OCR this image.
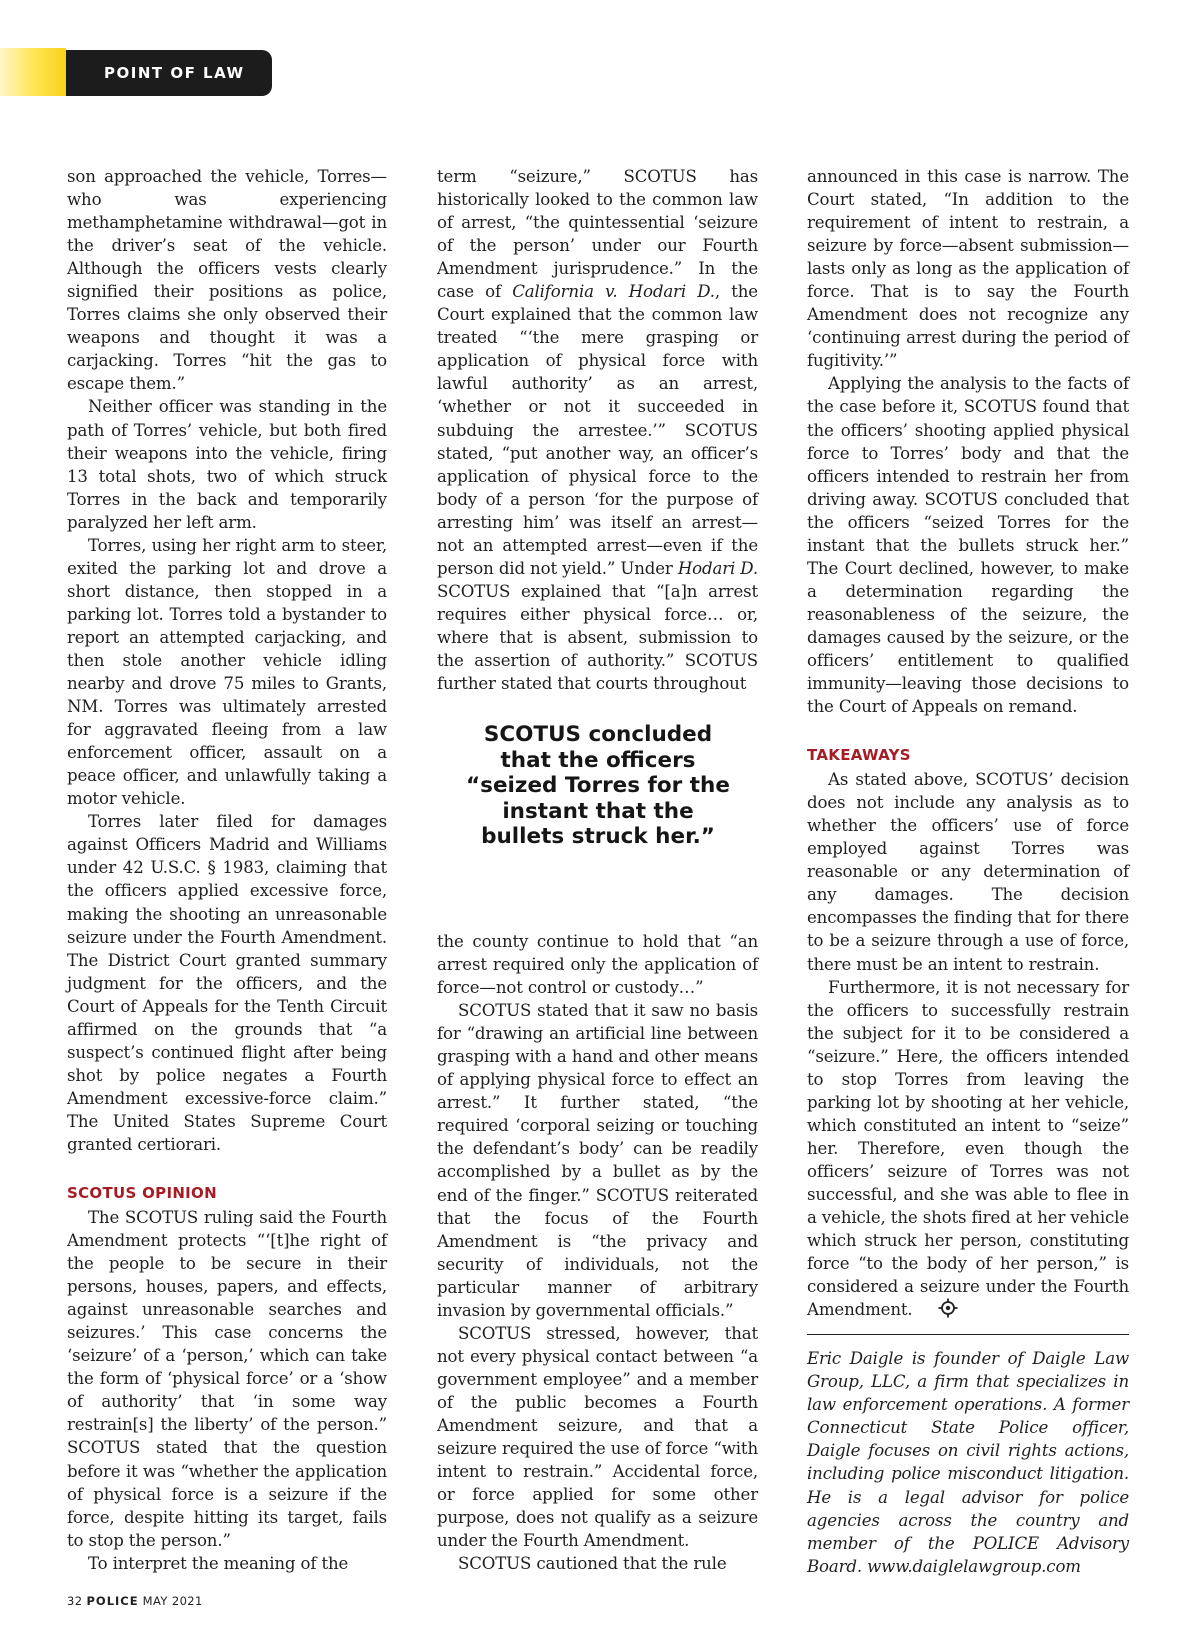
POINT OF LAW

son approached the vehicle, Torres—who was experiencing methamphetamine withdrawal—got in the driver’s seat of the vehicle. Although the officers vests clearly signified their positions as police, Torres claims she only observed their weapons and thought it was a carjacking. Torres “hit the gas to escape them.”

Neither officer was standing in the path of Torres’ vehicle, but both fired their weapons into the vehicle, firing 13 total shots, two of which struck Torres in the back and temporarily paralyzed her left arm.

Torres, using her right arm to steer, exited the parking lot and drove a short distance, then stopped in a parking lot. Torres told a bystander to report an attempted carjacking, and then stole another vehicle idling nearby and drove 75 miles to Grants, NM. Torres was ultimately arrested for aggravated fleeing from a law enforcement officer, assault on a peace officer, and unlawfully taking a motor vehicle.

Torres later filed for damages against Officers Madrid and Williams under 42 U.S.C. § 1983, claiming that the officers applied excessive force, making the shooting an unreasonable seizure under the Fourth Amendment. The District Court granted summary judgment for the officers, and the Court of Appeals for the Tenth Circuit affirmed on the grounds that “a suspect’s continued flight after being shot by police negates a Fourth Amendment excessive-force claim.” The United States Supreme Court granted certiorari.

SCOTUS OPINION

The SCOTUS ruling said the Fourth Amendment protects “‘[t]he right of the people to be secure in their persons, houses, papers, and effects, against unreasonable searches and seizures.’ This case concerns the ‘seizure’ of a ‘person,’ which can take the form of ‘physical force’ or a ‘show of authority’ that ‘in some way restrain[s] the liberty’ of the person.” SCOTUS stated that the question before it was “whether the application of physical force is a seizure if the force, despite hitting its target, fails to stop the person.”

To interpret the meaning of the

term “seizure,” SCOTUS has historically looked to the common law of arrest, “the quintessential ‘seizure of the person’ under our Fourth Amendment jurisprudence.” In the case of California v. Hodari D., the Court explained that the common law treated “‘the mere grasping or application of physical force with lawful authority’ as an arrest, ‘whether or not it succeeded in subduing the arrestee.’” SCOTUS stated, “put another way, an officer’s application of physical force to the body of a person ‘for the purpose of arresting him’ was itself an arrest—not an attempted arrest—even if the person did not yield.” Under Hodari D. SCOTUS explained that “[a]n arrest requires either physical force… or, where that is absent, submission to the assertion of authority.” SCOTUS further stated that courts throughout

SCOTUS concluded that the officers “seized Torres for the instant that the bullets struck her.”

the county continue to hold that “an arrest required only the application of force—not control or custody…”

SCOTUS stated that it saw no basis for “drawing an artificial line between grasping with a hand and other means of applying physical force to effect an arrest.” It further stated, “the required ‘corporal seizing or touching the defendant’s body’ can be readily accomplished by a bullet as by the end of the finger.” SCOTUS reiterated that the focus of the Fourth Amendment is “the privacy and security of individuals, not the particular manner of arbitrary invasion by governmental officials.”

SCOTUS stressed, however, that not every physical contact between “a government employee” and a member of the public becomes a Fourth Amendment seizure, and that a seizure required the use of force “with intent to restrain.” Accidental force, or force applied for some other purpose, does not qualify as a seizure under the Fourth Amendment.

SCOTUS cautioned that the rule

announced in this case is narrow. The Court stated, “In addition to the requirement of intent to restrain, a seizure by force—absent submission—lasts only as long as the application of force. That is to say the Fourth Amendment does not recognize any ‘continuing arrest during the period of fugitivity.’”

Applying the analysis to the facts of the case before it, SCOTUS found that the officers’ shooting applied physical force to Torres’ body and that the officers intended to restrain her from driving away. SCOTUS concluded that the officers “seized Torres for the instant that the bullets struck her.” The Court declined, however, to make a determination regarding the reasonableness of the seizure, the damages caused by the seizure, or the officers’ entitlement to qualified immunity—leaving those decisions to the Court of Appeals on remand.

TAKEAWAYS

As stated above, SCOTUS’ decision does not include any analysis as to whether the officers’ use of force employed against Torres was reasonable or any determination of any damages. The decision encompasses the finding that for there to be a seizure through a use of force, there must be an intent to restrain.

Furthermore, it is not necessary for the officers to successfully restrain the subject for it to be considered a “seizure.” Here, the officers intended to stop Torres from leaving the parking lot by shooting at her vehicle, which constituted an intent to “seize” her. Therefore, even though the officers’ seizure of Torres was not successful, and she was able to flee in a vehicle, the shots fired at her vehicle which struck her person, constituting force “to the body of her person,” is considered a seizure under the Fourth Amendment.

Eric Daigle is founder of Daigle Law Group, LLC, a firm that specializes in law enforcement operations. A former Connecticut State Police officer, Daigle focuses on civil rights actions, including police misconduct litigation. He is a legal advisor for police agencies across the country and member of the POLICE Advisory Board. www.daiglelawgroup.com

32 POLICE MAY 2021
